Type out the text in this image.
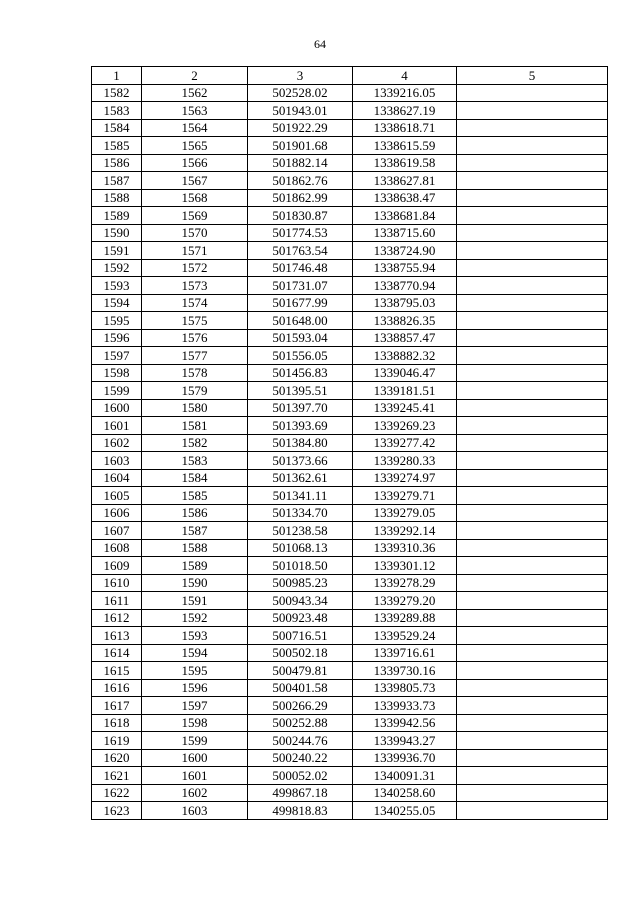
64
1	2	3	4	5
1582	1562	502528.02	1339216.05	
1583	1563	501943.01	1338627.19	
1584	1564	501922.29	1338618.71	
1585	1565	501901.68	1338615.59	
1586	1566	501882.14	1338619.58	
1587	1567	501862.76	1338627.81	
1588	1568	501862.99	1338638.47	
1589	1569	501830.87	1338681.84	
1590	1570	501774.53	1338715.60	
1591	1571	501763.54	1338724.90	
1592	1572	501746.48	1338755.94	
1593	1573	501731.07	1338770.94	
1594	1574	501677.99	1338795.03	
1595	1575	501648.00	1338826.35	
1596	1576	501593.04	1338857.47	
1597	1577	501556.05	1338882.32	
1598	1578	501456.83	1339046.47	
1599	1579	501395.51	1339181.51	
1600	1580	501397.70	1339245.41	
1601	1581	501393.69	1339269.23	
1602	1582	501384.80	1339277.42	
1603	1583	501373.66	1339280.33	
1604	1584	501362.61	1339274.97	
1605	1585	501341.11	1339279.71	
1606	1586	501334.70	1339279.05	
1607	1587	501238.58	1339292.14	
1608	1588	501068.13	1339310.36	
1609	1589	501018.50	1339301.12	
1610	1590	500985.23	1339278.29	
1611	1591	500943.34	1339279.20	
1612	1592	500923.48	1339289.88	
1613	1593	500716.51	1339529.24	
1614	1594	500502.18	1339716.61	
1615	1595	500479.81	1339730.16	
1616	1596	500401.58	1339805.73	
1617	1597	500266.29	1339933.73	
1618	1598	500252.88	1339942.56	
1619	1599	500244.76	1339943.27	
1620	1600	500240.22	1339936.70	
1621	1601	500052.02	1340091.31	
1622	1602	499867.18	1340258.60	
1623	1603	499818.83	1340255.05	
